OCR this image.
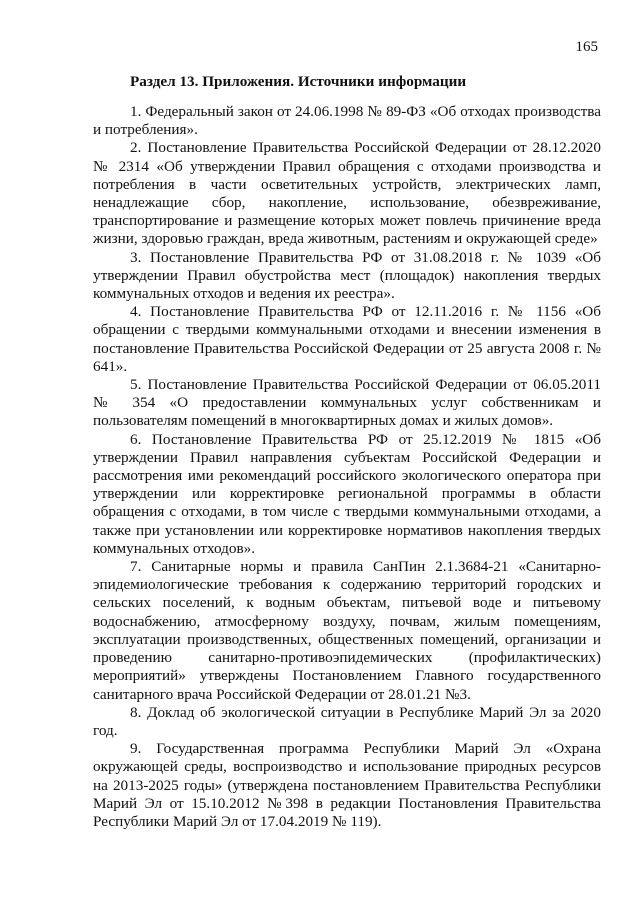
165
Раздел 13. Приложения. Источники информации
1. Федеральный закон от 24.06.1998 № 89-ФЗ «Об отходах производства и потребления».
2. Постановление Правительства Российской Федерации от 28.12.2020 № 2314 «Об утверждении Правил обращения с отходами производства и потребления в части осветительных устройств, электрических ламп, ненадлежащие сбор, накопление, использование, обезвреживание, транспортирование и размещение которых может повлечь причинение вреда жизни, здоровью граждан, вреда животным, растениям и окружающей среде»
3. Постановление Правительства РФ от 31.08.2018 г. № 1039 «Об утверждении Правил обустройства мест (площадок) накопления твердых коммунальных отходов и ведения их реестра».
4. Постановление Правительства РФ от 12.11.2016 г. № 1156 «Об обращении с твердыми коммунальными отходами и внесении изменения в постановление Правительства Российской Федерации от 25 августа 2008 г. № 641».
5. Постановление Правительства Российской Федерации от 06.05.2011 № 354 «О предоставлении коммунальных услуг собственникам и пользователям помещений в многоквартирных домах и жилых домов».
6. Постановление Правительства РФ от 25.12.2019 № 1815 «Об утверждении Правил направления субъектам Российской Федерации и рассмотрения ими рекомендаций российского экологического оператора при утверждении или корректировке региональной программы в области обращения с отходами, в том числе с твердыми коммунальными отходами, а также при установлении или корректировке нормативов накопления твердых коммунальных отходов».
7. Санитарные нормы и правила СанПин 2.1.3684-21 «Санитарно-эпидемиологические требования к содержанию территорий городских и сельских поселений, к водным объектам, питьевой воде и питьевому водоснабжению, атмосферному воздуху, почвам, жилым помещениям, эксплуатации производственных, общественных помещений, организации и проведению санитарно-противоэпидемических (профилактических) мероприятий» утверждены Постановлением Главного государственного санитарного врача Российской Федерации от 28.01.21 №3.
8. Доклад об экологической ситуации в Республике Марий Эл за 2020 год.
9. Государственная программа Республики Марий Эл «Охрана окружающей среды, воспроизводство и использование природных ресурсов на 2013-2025 годы» (утверждена постановлением Правительства Республики Марий Эл от 15.10.2012 №398 в редакции Постановления Правительства Республики Марий Эл от 17.04.2019 № 119).
